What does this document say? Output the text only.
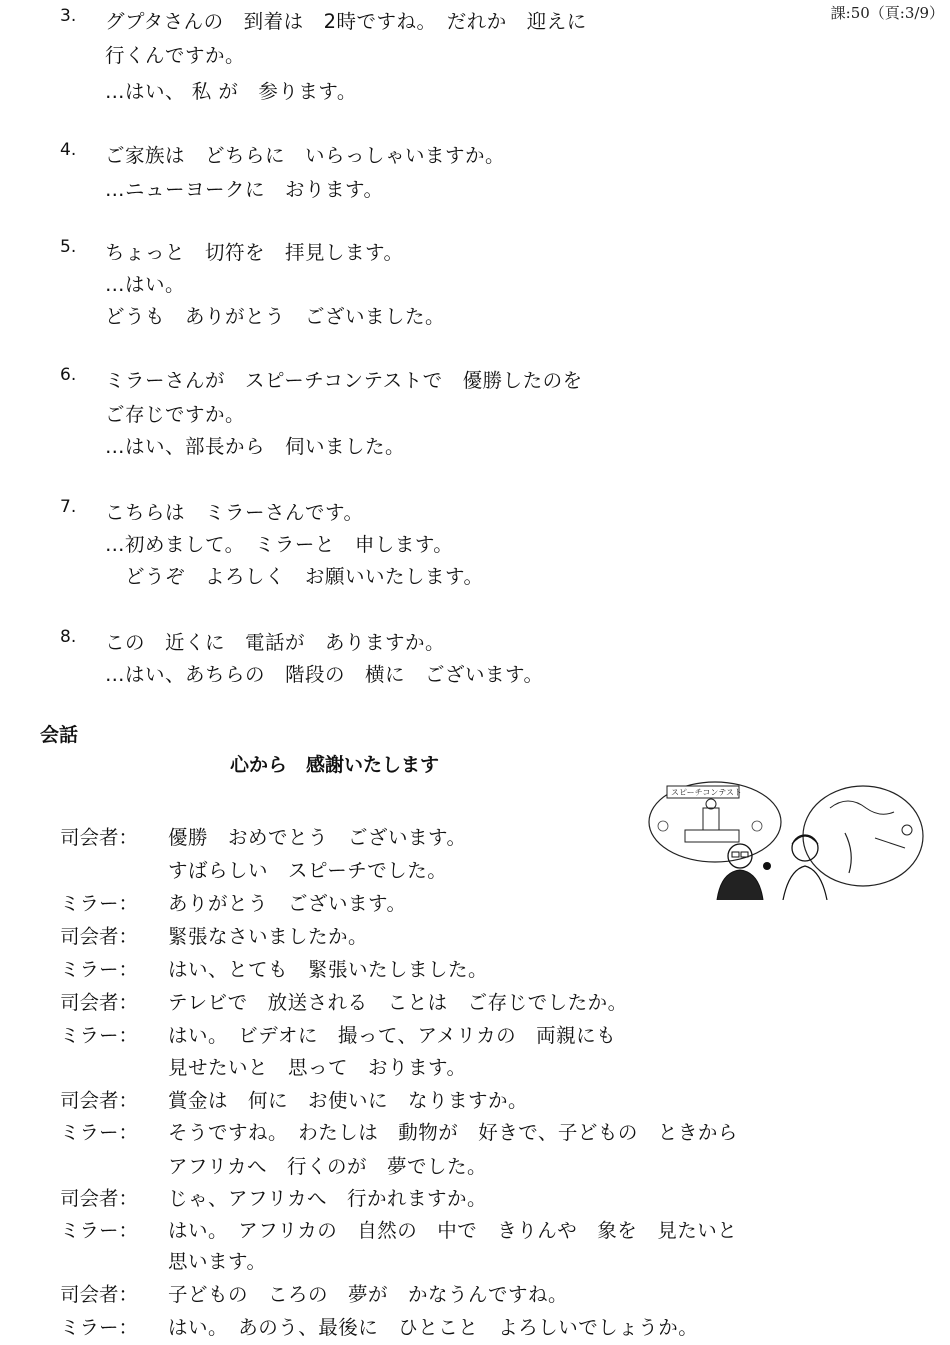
課:50（頁:3/9）
3. グプタさんの　到着は　2時ですね。　だれか　迎えに
行くんですか。
…はい、 私 が　参ります。
4. ご家族は　どちらに　いらっしゃいますか。
…ニューヨークに　おります。
5. ちょっと　切符を　拝見します。
…はい。
どうも　ありがとう　ございました。
6. ミラーさんが　スピーチコンテストで　優勝したのを
ご存じですか。
…はい、部長から　伺いました。
7. こちらは　ミラーさんです。
…初めまして。　ミラーと　申します。
　どうぞ　よろしく　お願いいたします。
8. この　近くに　電話が　ありますか。
…はい、あちらの　階段の　横に　ございます。
会話
心から　感謝いたします
スピーチコンテスト
司会者： 優勝　おめでとう　ございます。
すばらしい　スピーチでした。
ミラー： ありがとう　ございます。
司会者： 緊張なさいましたか。
ミラー： はい、とても　緊張いたしました。
司会者： テレビで　放送される　ことは　ご存じでしたか。
ミラー： はい。　ビデオに　撮って、アメリカの　両親にも
見せたいと　思って　おります。
司会者： 賞金は　何に　お使いに　なりますか。
ミラー： そうですね。　わたしは　動物が　好きで、子どもの　ときから
アフリカへ　行くのが　夢でした。
司会者： じゃ、アフリカへ　行かれますか。
ミラー： はい。　アフリカの　自然の　中で　きりんや　象を　見たいと
思います。
司会者： 子どもの　ころの　夢が　かなうんですね。
ミラー： はい。　あのう、最後に　ひとこと　よろしいでしょうか。
